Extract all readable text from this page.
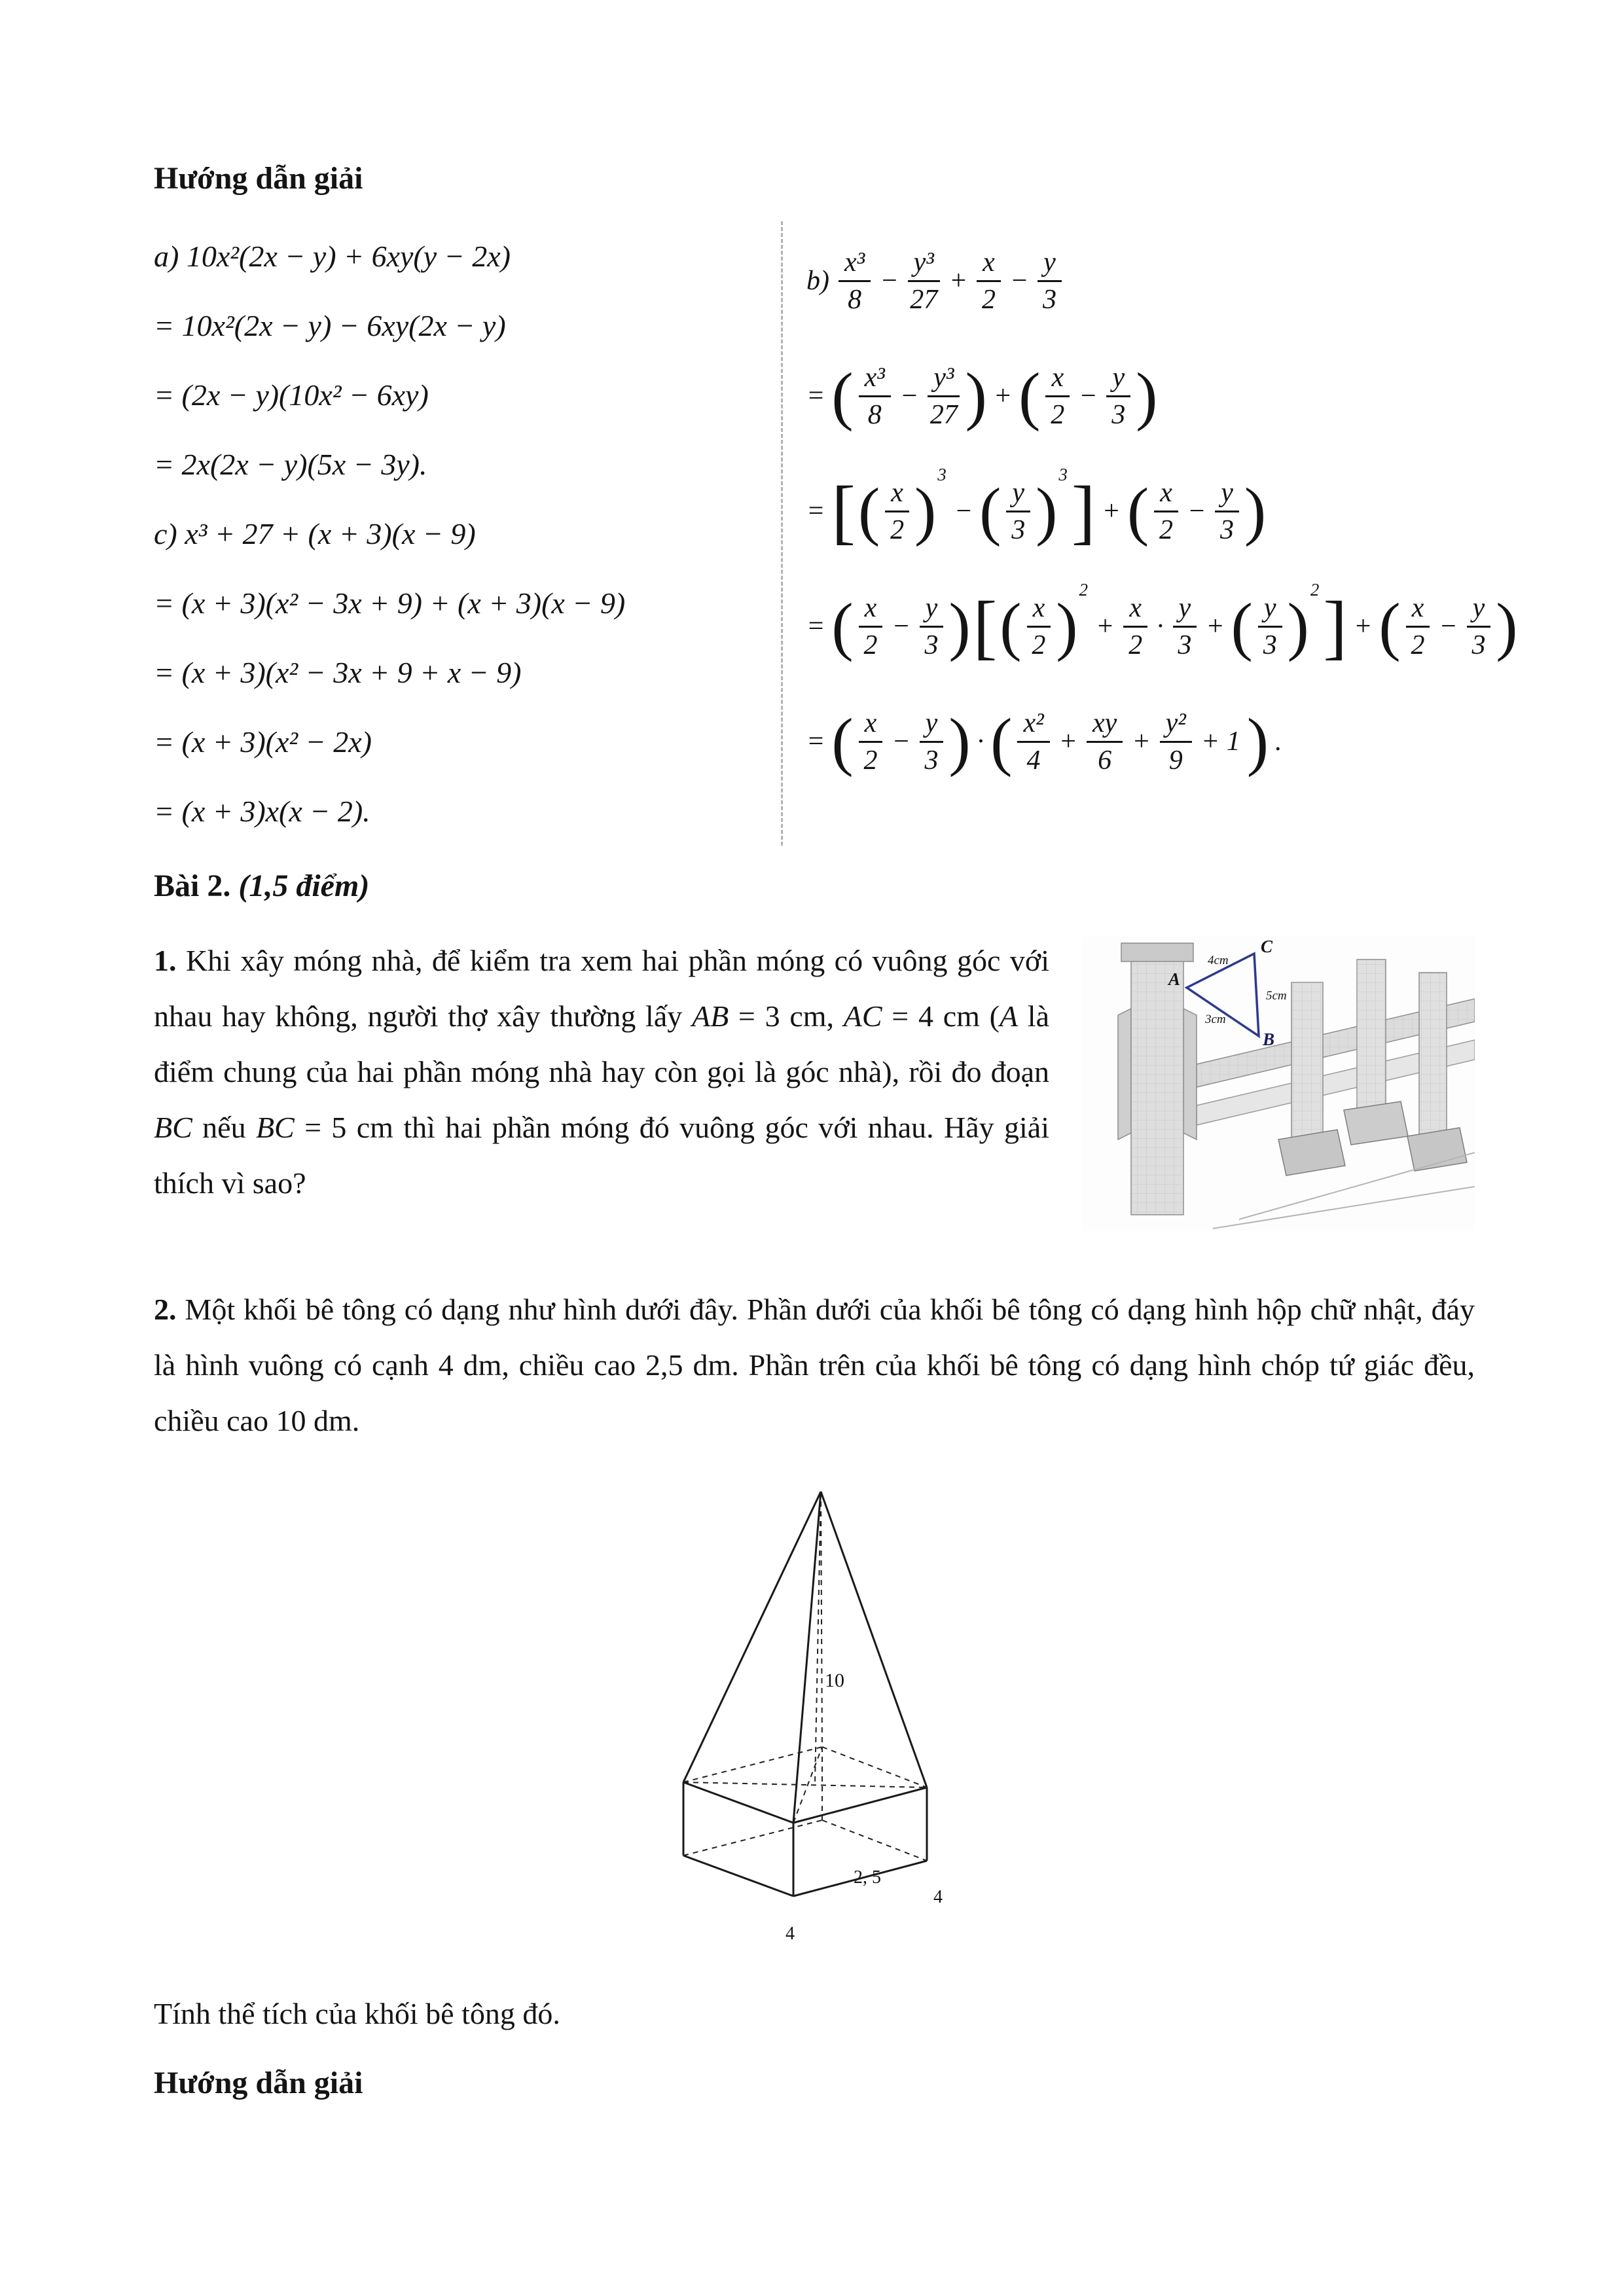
Hướng dẫn giải
a) 10x²(2x − y) + 6xy(y − 2x)
= 10x²(2x − y) − 6xy(2x − y)
= (2x − y)(10x² − 6xy)
= 2x(2x − y)(5x − 3y).
c) x³ + 27 + (x + 3)(x − 9)
= (x + 3)(x² − 3x + 9) + (x + 3)(x − 9)
= (x + 3)(x² − 3x + 9 + x − 9)
= (x + 3)(x² − 2x)
= (x + 3)x(x − 2).
$b) \frac{\text{x³}}{8} - \frac{\text{y³}}{27} + \frac{x}{2} - \frac{y}{3}$
= ( $\frac{\text{x³}}{8} - \frac{\text{y³}}{27}$ ) + ( $\frac{x}{2} - \frac{y}{3}$ )
= [ ( $\frac{x}{2}$ ) 3
− ( $\frac{y}{3}$ ) 3 ] + ( $\frac{x}{2} - \frac{y}{3}$ )
= ( $\frac{x}{2} - \frac{y}{3}$ ) [ ( $\frac{x}{2}$ ) 2
+ $\frac{x}{2} \cdot \frac{y}{3}$ + ( $\frac{y}{3}$ ) 2 ] + ( $\frac{x}{2} - \frac{y}{3}$ )
= ( $\frac{x}{2} - \frac{y}{3}$ ) · ( $\frac{\text{x²}}{4} + \frac{xy}{6} + \frac{\text{y²}}{9} + 1$ ) .
Bài 2. (1,5 điểm)
C
A
B
4cm
5cm
3cm
1. Khi xây móng nhà, để kiểm tra xem hai phần móng có vuông góc với nhau hay không, người thợ xây thường lấy AB = 3 cm, AC = 4 cm (A là điểm chung của hai phần móng nhà hay còn gọi là góc nhà), rồi đo đoạn BC nếu BC = 5 cm thì hai phần móng đó vuông góc với nhau. Hãy giải thích vì sao?
2. Một khối bê tông có dạng như hình dưới đây. Phần dưới của khối bê tông có dạng hình hộp chữ nhật, đáy là hình vuông có cạnh 4 dm, chiều cao 2,5 dm. Phần trên của khối bê tông có dạng hình chóp tứ giác đều, chiều cao 10 dm.
10
2, 5
4
4
Tính thể tích của khối bê tông đó.
Hướng dẫn giải
